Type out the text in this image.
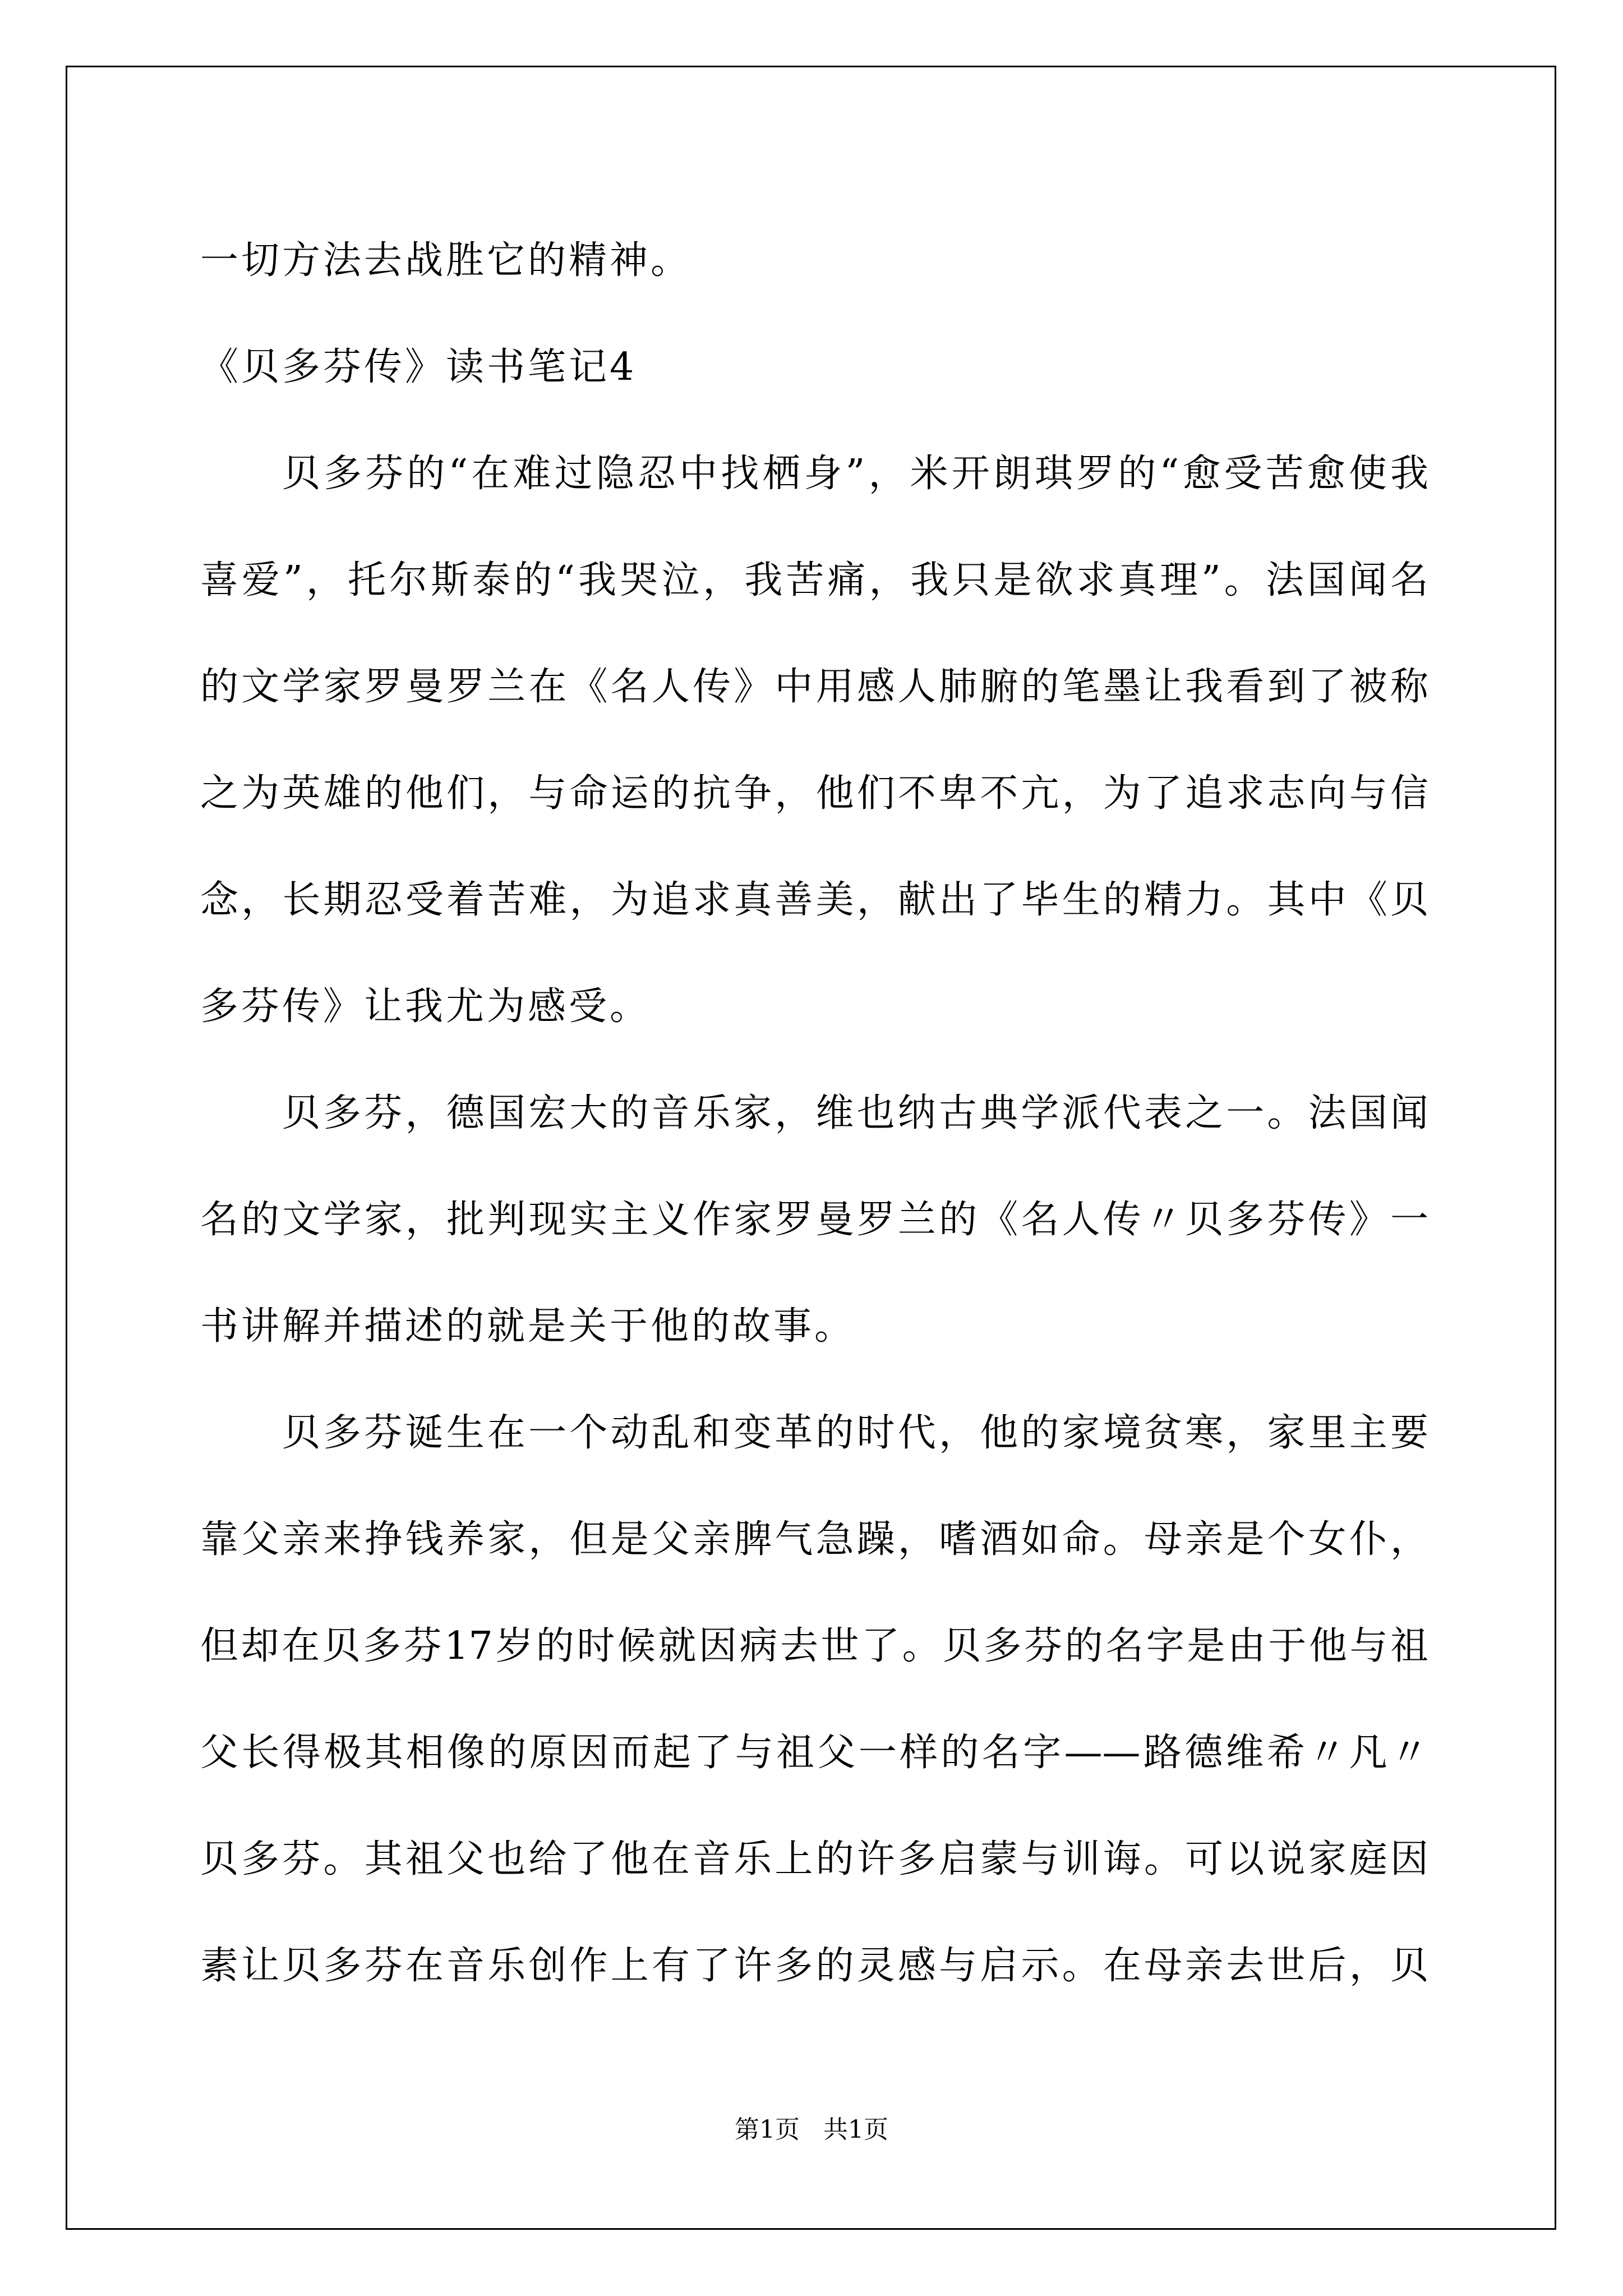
一切方法去战胜它的精神。
《贝多芬传》读书笔记4
贝多芬的“在难过隐忍中找栖身”，米开朗琪罗的“愈受苦愈使我
喜爱”，托尔斯泰的“我哭泣，我苦痛，我只是欲求真理”。法国闻名
的文学家罗曼罗兰在《名人传》中用感人肺腑的笔墨让我看到了被称
之为英雄的他们，与命运的抗争，他们不卑不亢，为了追求志向与信
念，长期忍受着苦难，为追求真善美，献出了毕生的精力。其中《贝
多芬传》让我尤为感受。
贝多芬，德国宏大的音乐家，维也纳古典学派代表之一。法国闻
名的文学家，批判现实主义作家罗曼罗兰的《名人传〃贝多芬传》一
书讲解并描述的就是关于他的故事。
贝多芬诞生在一个动乱和变革的时代，他的家境贫寒，家里主要
靠父亲来挣钱养家，但是父亲脾气急躁，嗜酒如命。母亲是个女仆，
但却在贝多芬17岁的时候就因病去世了。贝多芬的名字是由于他与祖
父长得极其相像的原因而起了与祖父一样的名字——路德维希〃凡〃
贝多芬。其祖父也给了他在音乐上的许多启蒙与训诲。可以说家庭因
素让贝多芬在音乐创作上有了许多的灵感与启示。在母亲去世后，贝
第1页 共1页
